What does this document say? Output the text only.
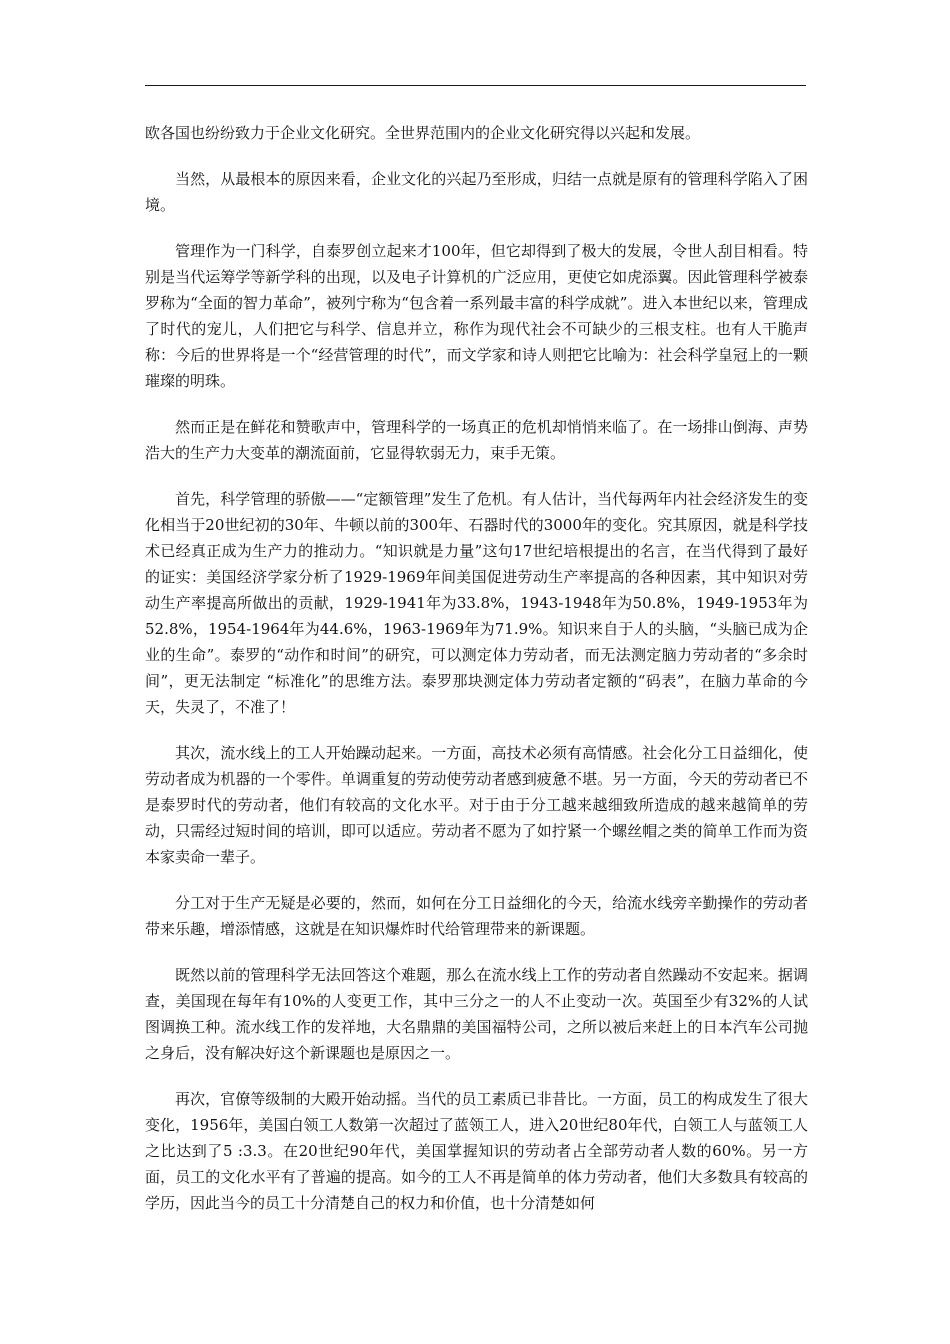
欧各国也纷纷致力于企业文化研究。全世界范围内的企业文化研究得以兴起和发展。

当然，从最根本的原因来看，企业文化的兴起乃至形成，归结一点就是原有的管理科学陷入了困境。

管理作为一门科学，自泰罗创立起来才100年，但它却得到了极大的发展，令世人刮目相看。特别是当代运筹学等新学科的出现，以及电子计算机的广泛应用，更使它如虎添翼。因此管理科学被泰罗称为“全面的智力革命”，被列宁称为“包含着一系列最丰富的科学成就”。进入本世纪以来，管理成了时代的宠儿，人们把它与科学、信息并立，称作为现代社会不可缺少的三根支柱。也有人干脆声称：今后的世界将是一个“经营管理的时代”，而文学家和诗人则把它比喻为：社会科学皇冠上的一颗璀璨的明珠。

然而正是在鲜花和赞歌声中，管理科学的一场真正的危机却悄悄来临了。在一场排山倒海、声势浩大的生产力大变革的潮流面前，它显得软弱无力，束手无策。

首先，科学管理的骄傲——“定额管理”发生了危机。有人估计，当代每两年内社会经济发生的变化相当于20世纪初的30年、牛顿以前的300年、石器时代的3000年的变化。究其原因，就是科学技术已经真正成为生产力的推动力。“知识就是力量”这句17世纪培根提出的名言，在当代得到了最好的证实：美国经济学家分析了1929-1969年间美国促进劳动生产率提高的各种因素，其中知识对劳动生产率提高所做出的贡献，1929-1941年为33.8%，1943-1948年为50.8%，1949-1953年为52.8%，1954-1964年为44.6%，1963-1969年为71.9%。知识来自于人的头脑，“头脑已成为企业的生命”。泰罗的“动作和时间”的研究，可以测定体力劳动者，而无法测定脑力劳动者的“多余时间”，更无法制定 “标准化”的思维方法。泰罗那块测定体力劳动者定额的“码表”，在脑力革命的今天，失灵了，不准了！

其次，流水线上的工人开始躁动起来。一方面，高技术必须有高情感。社会化分工日益细化，使劳动者成为机器的一个零件。单调重复的劳动使劳动者感到疲惫不堪。另一方面，今天的劳动者已不是泰罗时代的劳动者，他们有较高的文化水平。对于由于分工越来越细致所造成的越来越简单的劳动，只需经过短时间的培训，即可以适应。劳动者不愿为了如拧紧一个螺丝帽之类的简单工作而为资本家卖命一辈子。

分工对于生产无疑是必要的，然而，如何在分工日益细化的今天，给流水线旁辛勤操作的劳动者带来乐趣，增添情感，这就是在知识爆炸时代给管理带来的新课题。

既然以前的管理科学无法回答这个难题，那么在流水线上工作的劳动者自然躁动不安起来。据调查，美国现在每年有10%的人变更工作，其中三分之一的人不止变动一次。英国至少有32%的人试图调换工种。流水线工作的发祥地，大名鼎鼎的美国福特公司，之所以被后来赶上的日本汽车公司抛之身后，没有解决好这个新课题也是原因之一。

再次，官僚等级制的大殿开始动摇。当代的员工素质已非昔比。一方面，员工的构成发生了很大变化，1956年，美国白领工人数第一次超过了蓝领工人，进入20世纪80年代，白领工人与蓝领工人之比达到了5 :3.3。在20世纪90年代，美国掌握知识的劳动者占全部劳动者人数的60%。另一方面，员工的文化水平有了普遍的提高。如今的工人不再是简单的体力劳动者，他们大多数具有较高的学历，因此当今的员工十分清楚自己的权力和价值，也十分清楚如何
